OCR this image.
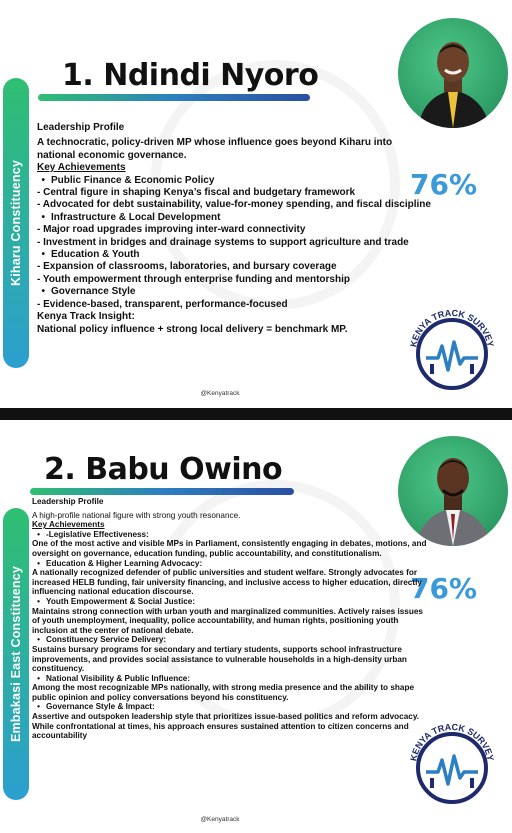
Kiharu Constituency
1. Ndindi Nyoro
76%
Leadership Profile
A technocratic, policy-driven MP whose influence goes beyond Kiharu into national economic governance.
Key Achievements
• Public Finance & Economic Policy
- Central figure in shaping Kenya’s fiscal and budgetary framework
- Advocated for debt sustainability, value-for-money spending, and fiscal discipline
• Infrastructure & Local Development
- Major road upgrades improving inter-ward connectivity
- Investment in bridges and drainage systems to support agriculture and trade
• Education & Youth
- Expansion of classrooms, laboratories, and bursary coverage
- Youth empowerment through enterprise funding and mentorship
• Governance Style
- Evidence-based, transparent, performance-focused
Kenya Track Insight:
National policy influence + strong local delivery = benchmark MP.
KENYA TRACK SURVEY
@Kenyatrack
Embakasi East Constituency
2. Babu Owino
76%
Leadership Profile
A high-profile national figure with strong youth resonance.
Key Achievements
• -Legislative Effectiveness:
One of the most active and visible MPs in Parliament, consistently engaging in debates, motions, and oversight on governance, education funding, public accountability, and constitutionalism.
• Education & Higher Learning Advocacy:
A nationally recognized defender of public universities and student welfare. Strongly advocates for increased HELB funding, fair university financing, and inclusive access to higher education, directly influencing national education discourse.
• Youth Empowerment & Social Justice:
Maintains strong connection with urban youth and marginalized communities. Actively raises issues of youth unemployment, inequality, police accountability, and human rights, positioning youth inclusion at the center of national debate.
• Constituency Service Delivery:
Sustains bursary programs for secondary and tertiary students, supports school infrastructure improvements, and provides social assistance to vulnerable households in a high-density urban constituency.
• National Visibility & Public Influence:
Among the most recognizable MPs nationally, with strong media presence and the ability to shape public opinion and policy conversations beyond his constituency.
• Governance Style & Impact:
Assertive and outspoken leadership style that prioritizes issue-based politics and reform advocacy. While confrontational at times, his approach ensures sustained attention to citizen concerns and accountability
KENYA TRACK SURVEY
@Kenyatrack
